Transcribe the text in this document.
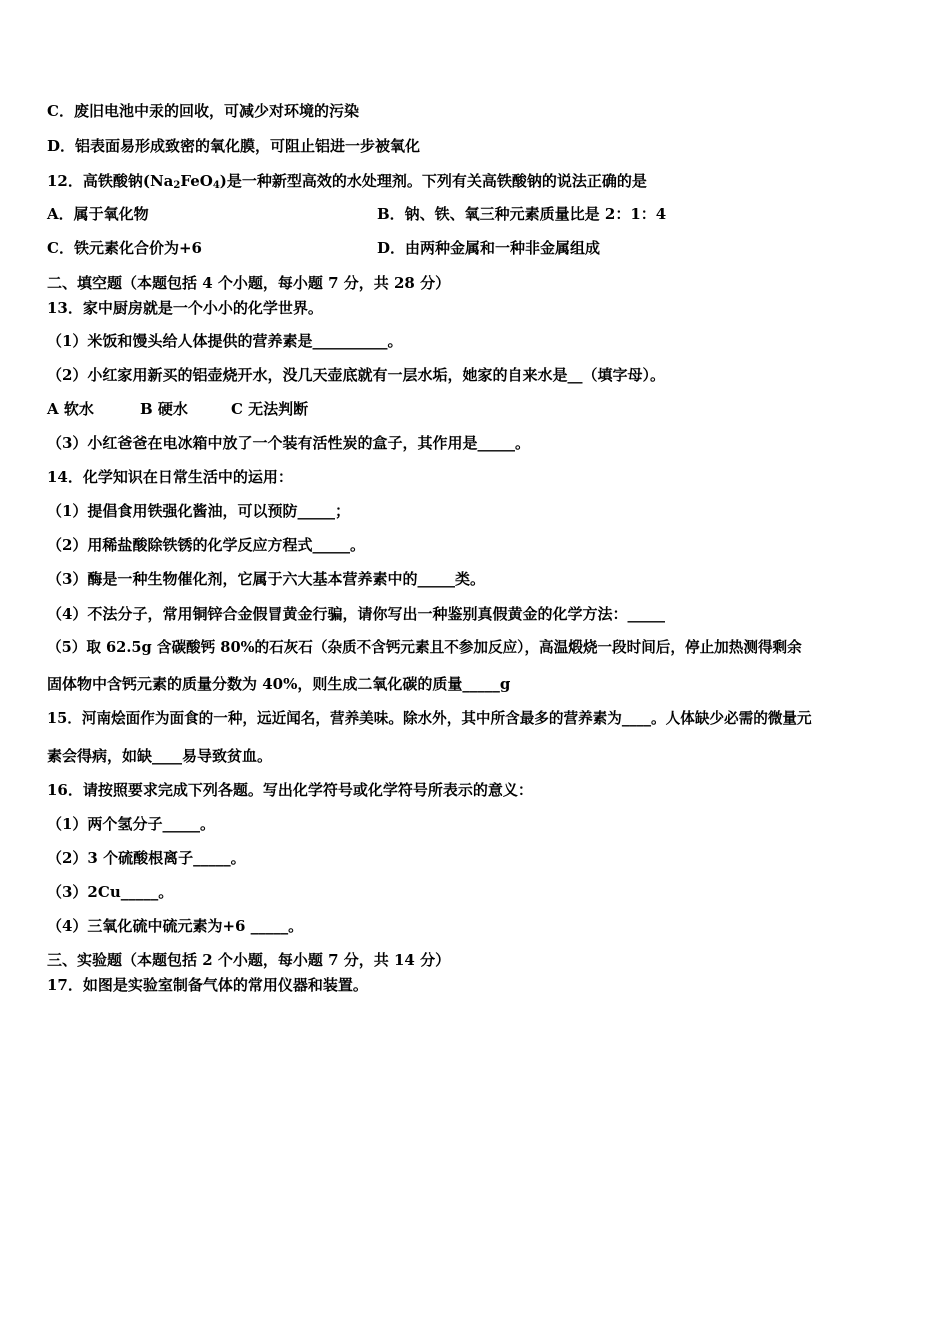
C．废旧电池中汞的回收，可减少对环境的污染
D．铝表面易形成致密的氧化膜，可阻止铝进一步被氧化
12．高铁酸钠$(Na_2FeO_4)$是一种新型高效的水处理剂。下列有关高铁酸钠的说法正确的是
A．属于氧化物	B．钠、铁、氧三种元素质量比是 2：1：4
C．铁元素化合价为+6	D．由两种金属和一种非金属组成
二、填空题（本题包括 4 个小题，每小题 7 分，共 28 分）
13．家中厨房就是一个小小的化学世界。
（1）米饭和馒头给人体提供的营养素是__________。
（2）小红家用新买的铝壶烧开水，没几天壶底就有一层水垢，她家的自来水是__（填字母）。
A 软水	B 硬水	C 无法判断
（3）小红爸爸在电冰箱中放了一个装有活性炭的盒子，其作用是_____。
14．化学知识在日常生活中的运用：
（1）提倡食用铁强化酱油，可以预防_____；
（2）用稀盐酸除铁锈的化学反应方程式_____。
（3）酶是一种生物催化剂，它属于六大基本营养素中的_____类。
（4）不法分子，常用铜锌合金假冒黄金行骗，请你写出一种鉴别真假黄金的化学方法：_____
（5）取 62.5g 含碳酸钙 80%的石灰石（杂质不含钙元素且不参加反应），高温煅烧一段时间后，停止加热测得剩余
固体物中含钙元素的质量分数为 40%，则生成二氧化碳的质量_____g
15．河南烩面作为面食的一种，远近闻名，营养美味。除水外，其中所含最多的营养素为____。人体缺少必需的微量元
素会得病，如缺____易导致贫血。
16．请按照要求完成下列各题。写出化学符号或化学符号所表示的意义：
（1）两个氢分子_____。
（2）3 个硫酸根离子_____。
（3）2Cu_____。
（4）三氧化硫中硫元素为+6 _____。
三、实验题（本题包括 2 个小题，每小题 7 分，共 14 分）
17．如图是实验室制备气体的常用仪器和装置。
